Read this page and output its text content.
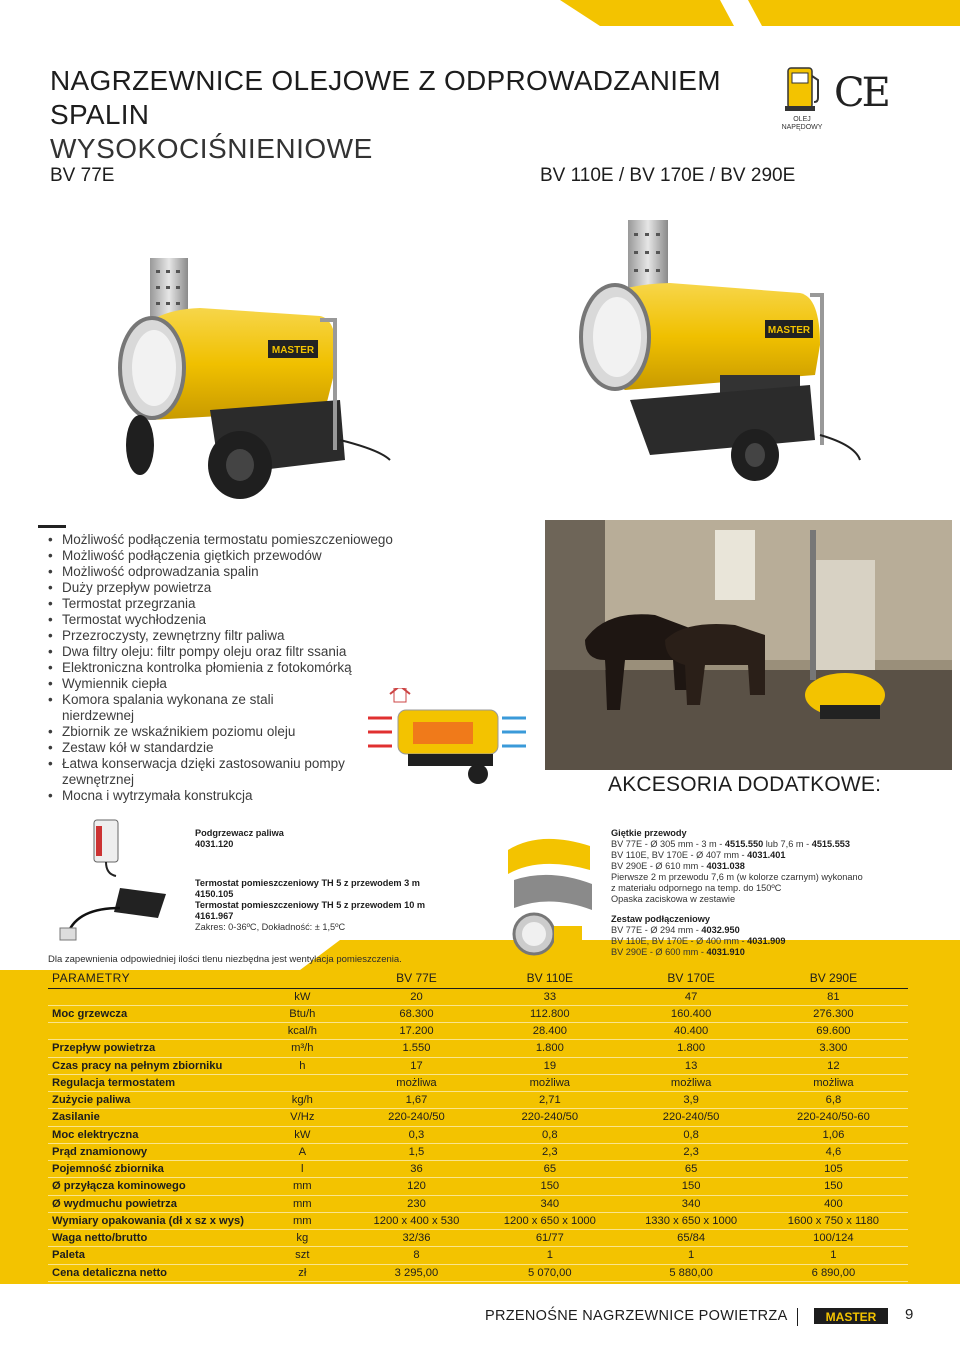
NAGRZEWNICE OLEJOWE Z ODPROWADZANIEM
SPALIN
WYSOKOCIŚNIENIOWE
BV 77E	BV 110E / BV 170E / BV 290E
OLEJ
NAPĘDOWY
CE
MASTER
MASTER
• Możliwość podłączenia termostatu pomieszczeniowego
• Możliwość podłączenia giętkich przewodów
• Możliwość odprowadzania spalin
• Duży przepływ powietrza
• Termostat przegrzania
• Termostat wychłodzenia
• Przezroczysty, zewnętrzny filtr paliwa
• Dwa filtry oleju: filtr pompy oleju oraz filtr ssania
• Elektroniczna kontrolka płomienia z fotokomórką
• Wymiennik ciepła
• Komora spalania wykonana ze stali nierdzewnej
• Zbiornik ze wskaźnikiem poziomu oleju
• Zestaw kół w standardzie
• Łatwa konserwacja dzięki zastosowaniu pompy zewnętrznej
• Mocna i wytrzymała konstrukcja	AKCESORIA DODATKOWE:
Podgrzewacz paliwa
4031.120
Termostat pomieszczeniowy TH 5 z przewodem 3 m
4150.105
Termostat pomieszczeniowy TH 5 z przewodem 10 m
4161.967
Zakres: 0-36ºC, Dokładność: ± 1,5ºC
Giętkie przewody
BV 77E - Ø 305 mm - 3 m - 4515.550 lub 7,6 m - 4515.553
BV 110E, BV 170E - Ø 407 mm - 4031.401
BV 290E - Ø 610 mm - 4031.038
Pierwsze 2 m przewodu 7,6 m (w kolorze czarnym) wykonano
z materiału odpornego na temp. do 150ºC
Opaska zaciskowa w zestawie
Zestaw podłączeniowy
BV 77E - Ø 294 mm - 4032.950
BV 110E, BV 170E - Ø 400 mm - 4031.909
BV 290E - Ø 600 mm - 4031.910
Dla zapewnienia odpowiedniej ilości tlenu niezbędna jest wentylacja pomieszczenia.
PARAMETRY		BV 77E	BV 110E	BV 170E	BV 290E
	kW	20	33	47	81
Moc grzewcza	Btu/h	68.300	112.800	160.400	276.300
	kcal/h	17.200	28.400	40.400	69.600
Przepływ powietrza	m³/h	1.550	1.800	1.800	3.300
Czas pracy na pełnym zbiorniku	h	17	19	13	12
Regulacja termostatem		możliwa	możliwa	możliwa	możliwa
Zużycie paliwa	kg/h	1,67	2,71	3,9	6,8
Zasilanie	V/Hz	220-240/50	220-240/50	220-240/50	220-240/50-60
Moc elektryczna	kW	0,3	0,8	0,8	1,06
Prąd znamionowy	A	1,5	2,3	2,3	4,6
Pojemność zbiornika	l	36	65	65	105
Ø przyłącza kominowego	mm	120	150	150	150
Ø wydmuchu powietrza	mm	230	340	340	400
Wymiary opakowania (dł x sz x wys)	mm	1200 x 400 x 530	1200 x 650 x 1000	1330 x 650 x 1000	1600 x 750 x 1180
Waga netto/brutto	kg	32/36	61/77	65/84	100/124
Paleta	szt	8	1	1	1
Cena detaliczna netto	zł	3 295,00	5 070,00	5 880,00	6 890,00
PRZENOŚNE NAGRZEWNICE POWIETRZA	MASTER 9
